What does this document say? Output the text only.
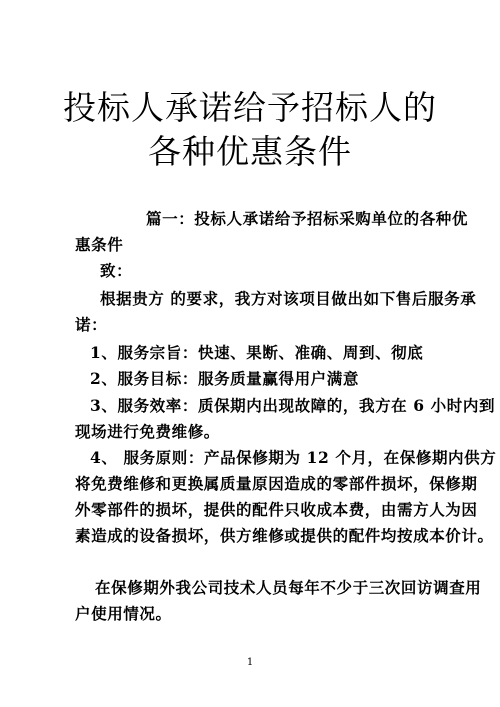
投标人承诺给予招标人的
各种优惠条件
篇一：投标人承诺给予招标采购单位的各种优
惠条件
致：
根据贵方 的要求，我方对该项目做出如下售后服务承
诺：
1、服务宗旨：快速、果断、准确、周到、彻底
2、服务目标：服务质量赢得用户满意
3、服务效率：质保期内出现故障的，我方在 6 小时内到
现场进行免费维修。
4、 服务原则：产品保修期为 12 个月，在保修期内供方
将免费维修和更换属质量原因造成的零部件损坏，保修期
外零部件的损坏，提供的配件只收成本费，由需方人为因
素造成的设备损坏，供方维修或提供的配件均按成本价计。
在保修期外我公司技术人员每年不少于三次回访调查用
户使用情况。
1
